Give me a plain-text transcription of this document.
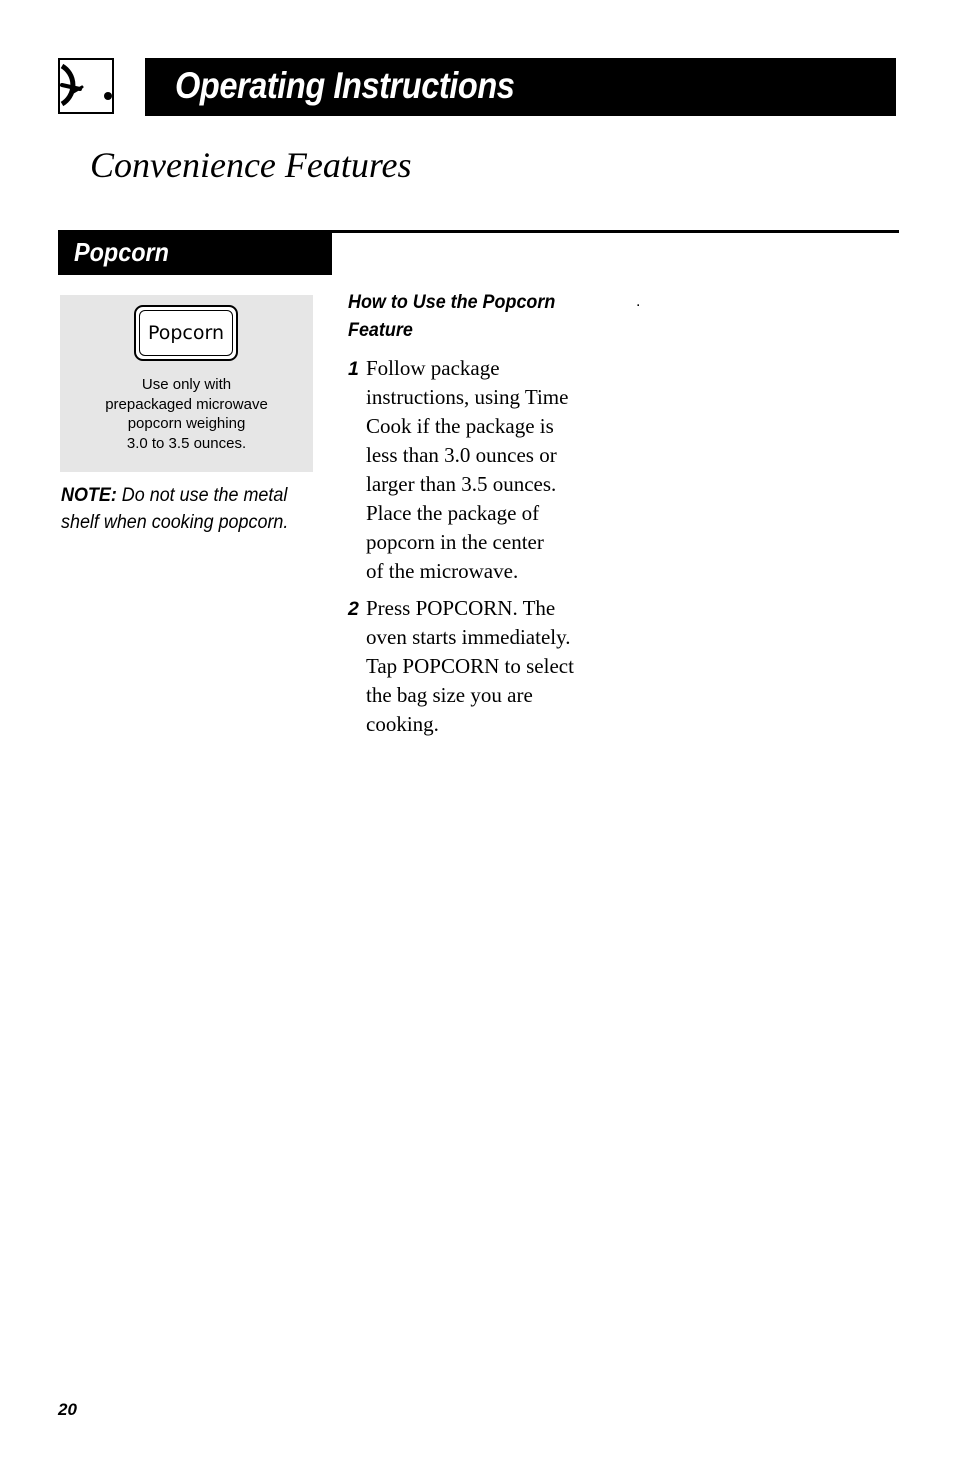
Operating Instructions
Convenience Features
Popcorn
Popcorn
Use only with
prepackaged microwave
popcorn weighing
3.0 to 3.5 ounces.
NOTE: Do not use the metal shelf when cooking popcorn.
How to Use the Popcorn
Feature
.
1 Follow package
instructions, using Time
Cook if the package is
less than 3.0 ounces or
larger than 3.5 ounces.
Place the package of
popcorn in the center
of the microwave.
2 Press POPCORN. The
oven starts immediately.
Tap POPCORN to select
the bag size you are
cooking.
20
